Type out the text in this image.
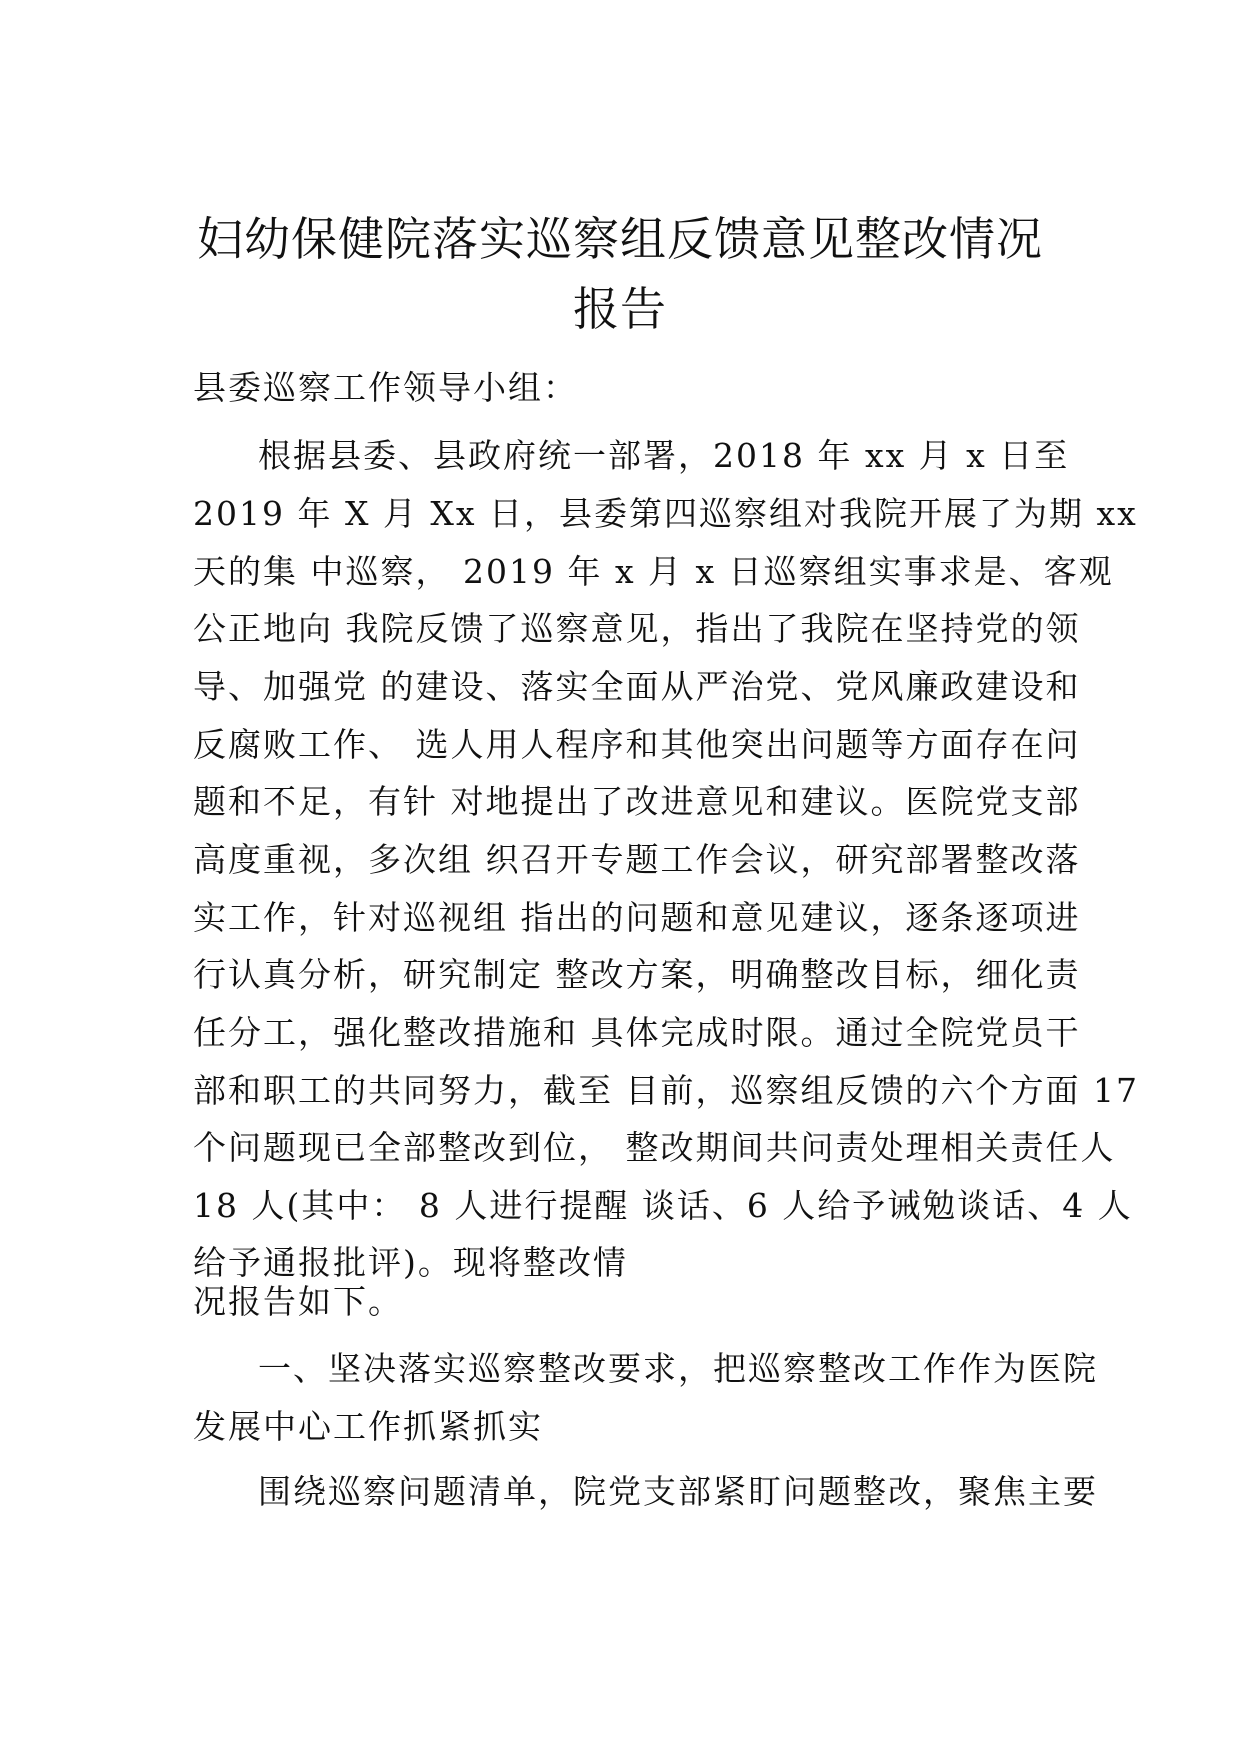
妇幼保健院落实巡察组反馈意见整改情况
报告
县委巡察工作领导小组：
根据县委、县政府统一部署，2018 年 xx 月 x 日至
2019 年 X 月 Xx 日，县委第四巡察组对我院开展了为期 xx
天的集 中巡察， 2019 年 x 月 x 日巡察组实事求是、客观
公正地向 我院反馈了巡察意见，指出了我院在坚持党的领
导、加强党 的建设、落实全面从严治党、党风廉政建设和
反腐败工作、 选人用人程序和其他突出问题等方面存在问
题和不足，有针 对地提出了改进意见和建议。医院党支部
高度重视，多次组 织召开专题工作会议，研究部署整改落
实工作，针对巡视组 指出的问题和意见建议，逐条逐项进
行认真分析，研究制定 整改方案，明确整改目标，细化责
任分工，强化整改措施和 具体完成时限。通过全院党员干
部和职工的共同努力，截至 目前，巡察组反馈的六个方面 17
个问题现已全部整改到位， 整改期间共问责处理相关责任人
18 人(其中： 8 人进行提醒 谈话、6 人给予诫勉谈话、4 人
给予通报批评)。现将整改情
况报告如下。
一、坚决落实巡察整改要求，把巡察整改工作作为医院
发展中心工作抓紧抓实
围绕巡察问题清单，院党支部紧盯问题整改，聚焦主要
